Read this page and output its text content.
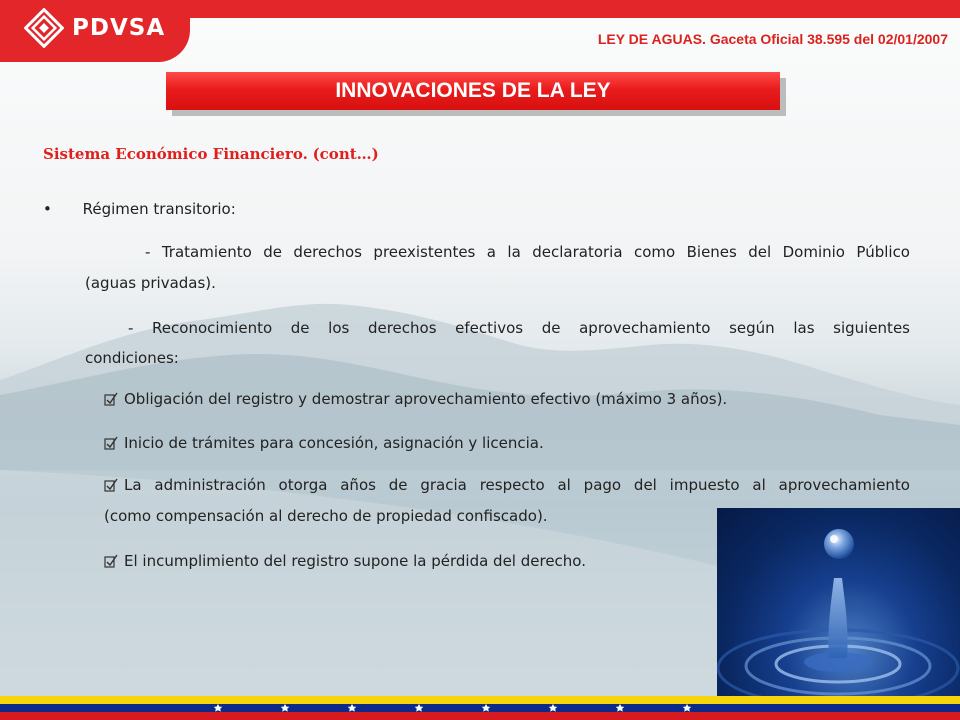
PDVSA	LEY DE AGUAS. Gaceta Oficial 38.595 del 02/01/2007
INNOVACIONES DE LA LEY
Sistema Económico Financiero. (cont…)
• Régimen transitorio:
- Tratamiento de derechos preexistentes a la declaratoria como Bienes del Dominio Público
(aguas privadas).
- Reconocimiento de los derechos efectivos de aprovechamiento según las siguientes
condiciones:
Obligación del registro y demostrar aprovechamiento efectivo (máximo 3 años).
Inicio de trámites para concesión, asignación y licencia.
La administración otorga años de gracia respecto al pago del impuesto al aprovechamiento
(como compensación al derecho de propiedad confiscado).
El incumplimiento del registro supone la pérdida del derecho.
